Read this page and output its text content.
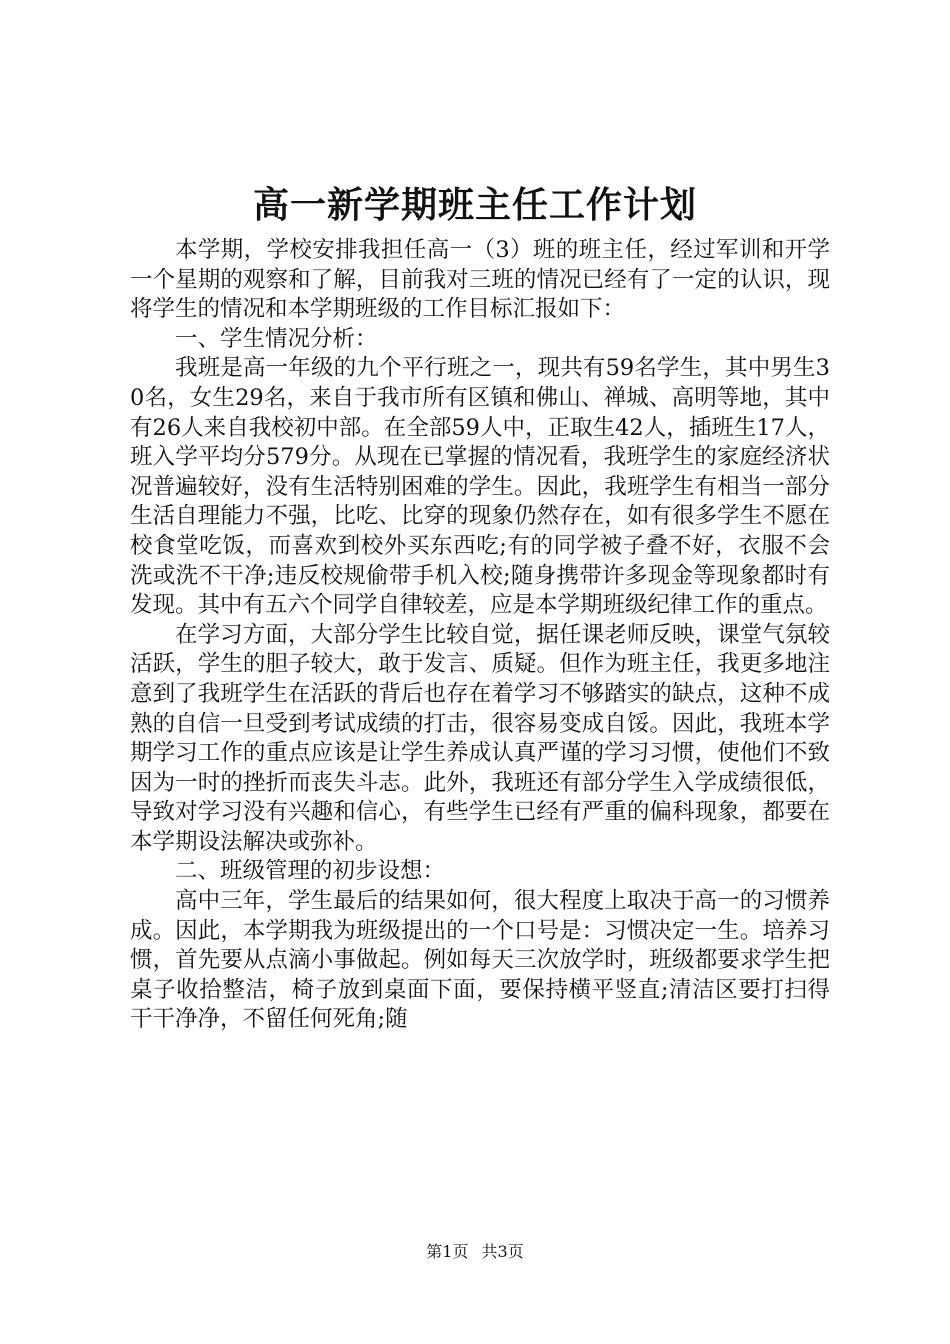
高一新学期班主任工作计划

本学期，学校安排我担任高一（3）班的班主任，经过军训和开学一个星期的观察和了解，目前我对三班的情况已经有了一定的认识，现将学生的情况和本学期班级的工作目标汇报如下：

一、学生情况分析：

我班是高一年级的九个平行班之一，现共有59名学生，其中男生30名，女生29名，来自于我市所有区镇和佛山、禅城、高明等地，其中有26人来自我校初中部。在全部59人中，正取生42人，插班生17人，班入学平均分579分。从现在已掌握的情况看，我班学生的家庭经济状况普遍较好，没有生活特别困难的学生。因此，我班学生有相当一部分生活自理能力不强，比吃、比穿的现象仍然存在，如有很多学生不愿在校食堂吃饭，而喜欢到校外买东西吃;有的同学被子叠不好，衣服不会洗或洗不干净;违反校规偷带手机入校;随身携带许多现金等现象都时有发现。其中有五六个同学自律较差，应是本学期班级纪律工作的重点。

在学习方面，大部分学生比较自觉，据任课老师反映，课堂气氛较活跃，学生的胆子较大，敢于发言、质疑。但作为班主任，我更多地注意到了我班学生在活跃的背后也存在着学习不够踏实的缺点，这种不成熟的自信一旦受到考试成绩的打击，很容易变成自馁。因此，我班本学期学习工作的重点应该是让学生养成认真严谨的学习习惯，使他们不致因为一时的挫折而丧失斗志。此外，我班还有部分学生入学成绩很低，导致对学习没有兴趣和信心，有些学生已经有严重的偏科现象，都要在本学期设法解决或弥补。

二、班级管理的初步设想：

高中三年，学生最后的结果如何，很大程度上取决于高一的习惯养成。因此，本学期我为班级提出的一个口号是：习惯决定一生。培养习惯，首先要从点滴小事做起。例如每天三次放学时，班级都要求学生把桌子收拾整洁，椅子放到桌面下面，要保持横平竖直;清洁区要打扫得干干净净，不留任何死角;随

第1页 共3页
